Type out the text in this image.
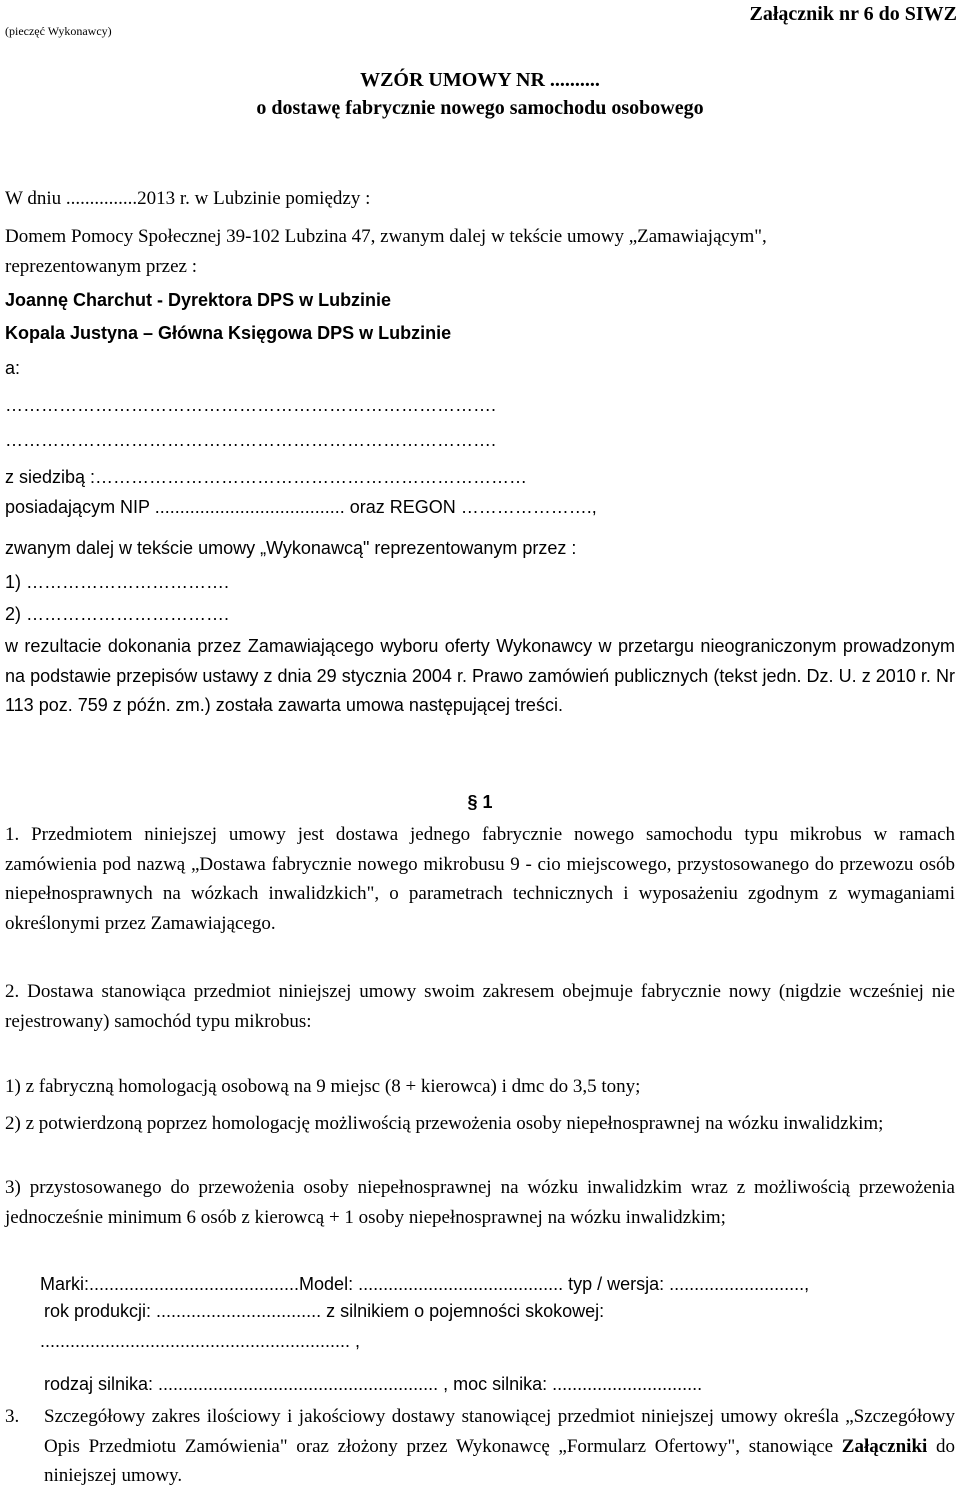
(pieczęć Wykonawcy)
Załącznik nr 6 do SIWZ
WZÓR UMOWY NR ..........
o dostawę fabrycznie nowego samochodu osobowego
W dniu ...............2013 r. w Lubzinie pomiędzy :
Domem Pomocy Społecznej 39-102 Lubzina 47, zwanym dalej w tekście umowy „Zamawiającym",
reprezentowanym przez :
Joannę Charchut - Dyrektora DPS w Lubzinie
Kopala Justyna – Główna Księgowa DPS w Lubzinie
a:
……………………………………………………………………….
……………………………………………………………………….
z siedzibą :………………………………………………………………
posiadającym NIP ...................................... oraz REGON ………………….,
zwanym dalej w tekście umowy „Wykonawcą" reprezentowanym przez :
1) …………………………….
2) …………………………….
w rezultacie dokonania przez Zamawiającego wyboru oferty Wykonawcy w przetargu nieograniczonym prowadzonym na podstawie przepisów ustawy z dnia 29 stycznia 2004 r. Prawo zamówień publicznych (tekst jedn. Dz. U. z 2010 r. Nr 113 poz. 759 z późn. zm.) została zawarta umowa następującej treści.
§ 1
1. Przedmiotem niniejszej umowy jest dostawa jednego fabrycznie nowego samochodu typu mikrobus w ramach zamówienia pod nazwą „Dostawa fabrycznie nowego mikrobusu 9 - cio miejscowego, przystosowanego do przewozu osób niepełnosprawnych na wózkach inwalidzkich", o parametrach technicznych i wyposażeniu zgodnym z wymaganiami określonymi przez Zamawiającego.
2. Dostawa stanowiąca przedmiot niniejszej umowy swoim zakresem obejmuje fabrycznie nowy (nigdzie wcześniej nie rejestrowany) samochód typu mikrobus:
1) z fabryczną homologacją osobową na 9 miejsc (8 + kierowca) i dmc do 3,5 tony;
2) z potwierdzoną poprzez homologację możliwością przewożenia osoby niepełnosprawnej na wózku inwalidzkim;
3) przystosowanego do przewożenia osoby niepełnosprawnej na wózku inwalidzkim wraz z możliwością przewożenia jednocześnie minimum 6 osób z kierowcą + 1 osoby niepełnosprawnej na wózku inwalidzkim;
Marki:..........................................Model: ......................................... typ / wersja: ...........................,
rok produkcji: ................................. z silnikiem o pojemności skokowej:
.............................................................. ,
rodzaj silnika: ........................................................ , moc silnika: ..............................
3. Szczegółowy zakres ilościowy i jakościowy dostawy stanowiącej przedmiot niniejszej umowy określa „Szczegółowy Opis Przedmiotu Zamówienia" oraz złożony przez Wykonawcę „Formularz Ofertowy", stanowiące Załączniki do niniejszej umowy.
